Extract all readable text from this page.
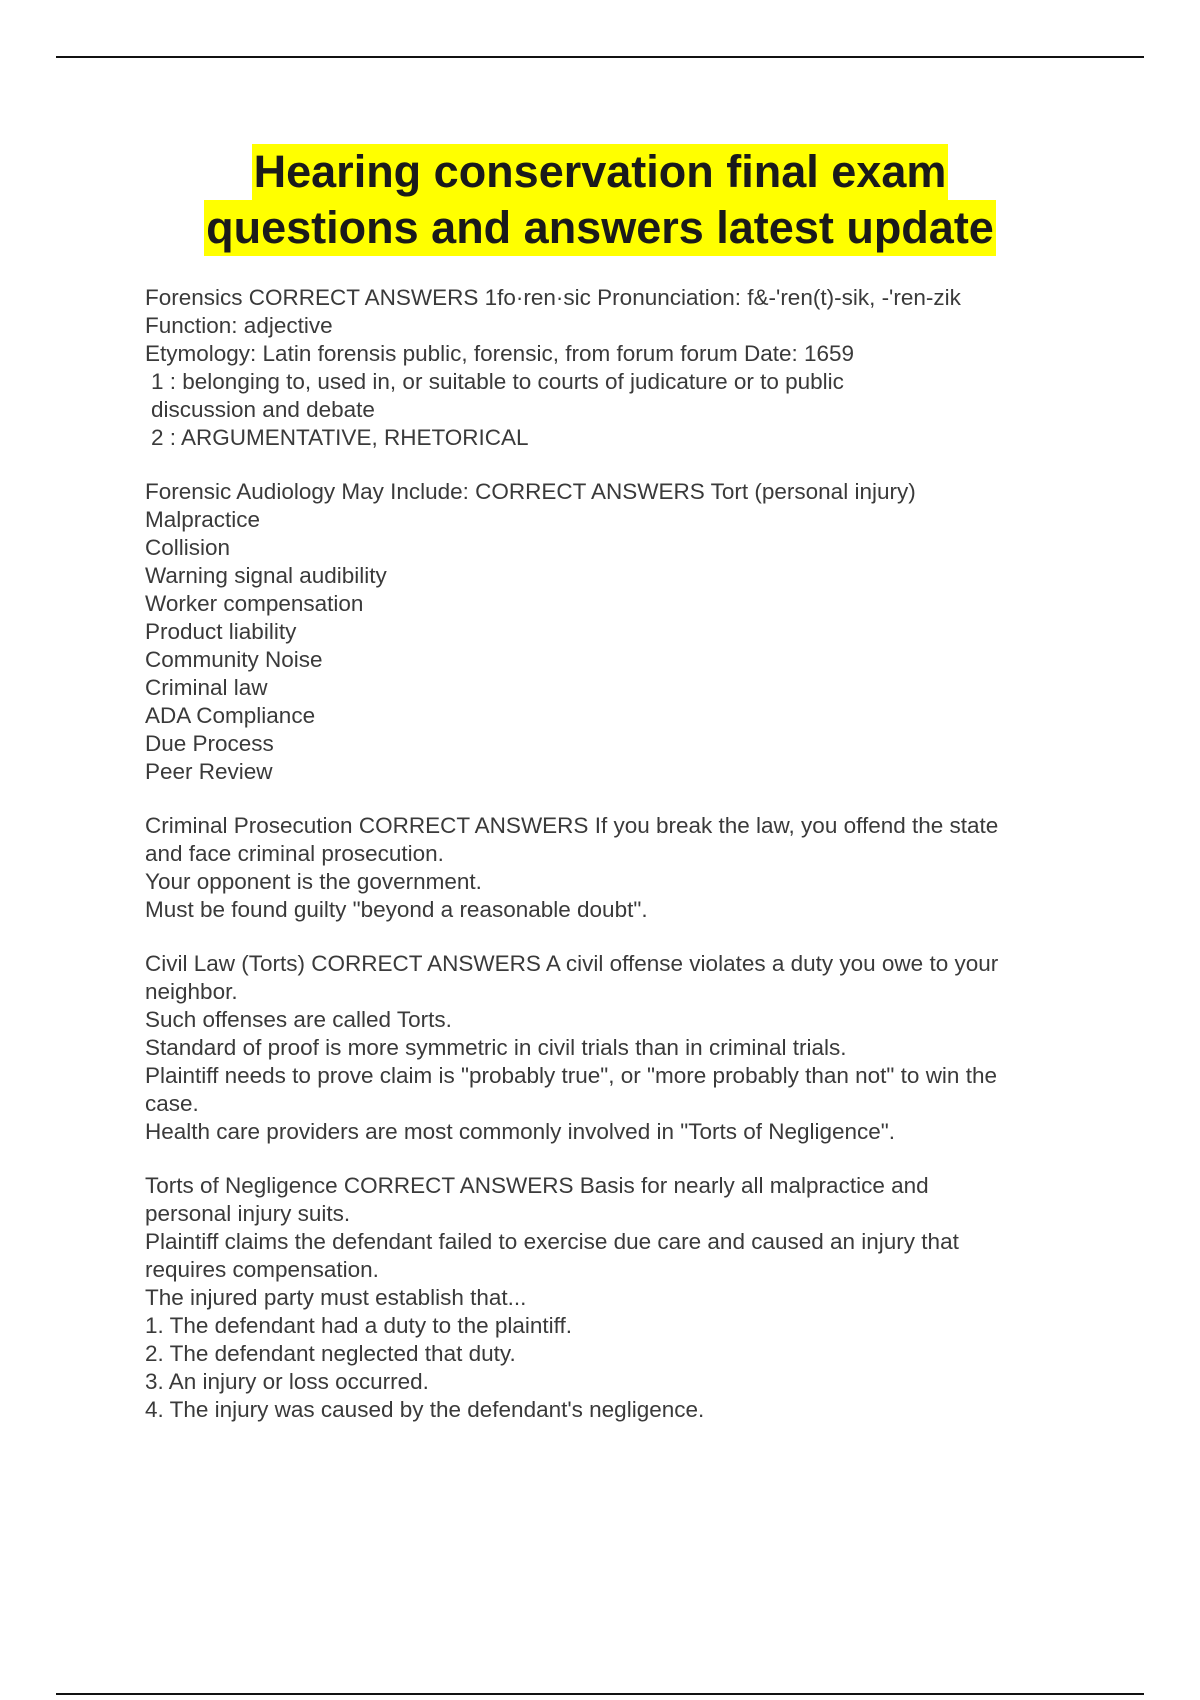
Hearing conservation final exam
questions and answers latest update
Forensics CORRECT ANSWERS 1fo·ren·sic Pronunciation: f&-'ren(t)-sik, -'ren-zik
Function: adjective
Etymology: Latin forensis public, forensic, from forum forum Date: 1659
1 : belonging to, used in, or suitable to courts of judicature or to public
discussion and debate
2 : ARGUMENTATIVE, RHETORICAL
Forensic Audiology May Include: CORRECT ANSWERS Tort (personal injury)
Malpractice
Collision
Warning signal audibility
Worker compensation
Product liability
Community Noise
Criminal law
ADA Compliance
Due Process
Peer Review
Criminal Prosecution CORRECT ANSWERS If you break the law, you offend the state
and face criminal prosecution.
Your opponent is the government.
Must be found guilty "beyond a reasonable doubt".
Civil Law (Torts) CORRECT ANSWERS A civil offense violates a duty you owe to your
neighbor.
Such offenses are called Torts.
Standard of proof is more symmetric in civil trials than in criminal trials.
Plaintiff needs to prove claim is "probably true", or "more probably than not" to win the
case.
Health care providers are most commonly involved in "Torts of Negligence".
Torts of Negligence CORRECT ANSWERS Basis for nearly all malpractice and
personal injury suits.
Plaintiff claims the defendant failed to exercise due care and caused an injury that
requires compensation.
The injured party must establish that...
1. The defendant had a duty to the plaintiff.
2. The defendant neglected that duty.
3. An injury or loss occurred.
4. The injury was caused by the defendant's negligence.
